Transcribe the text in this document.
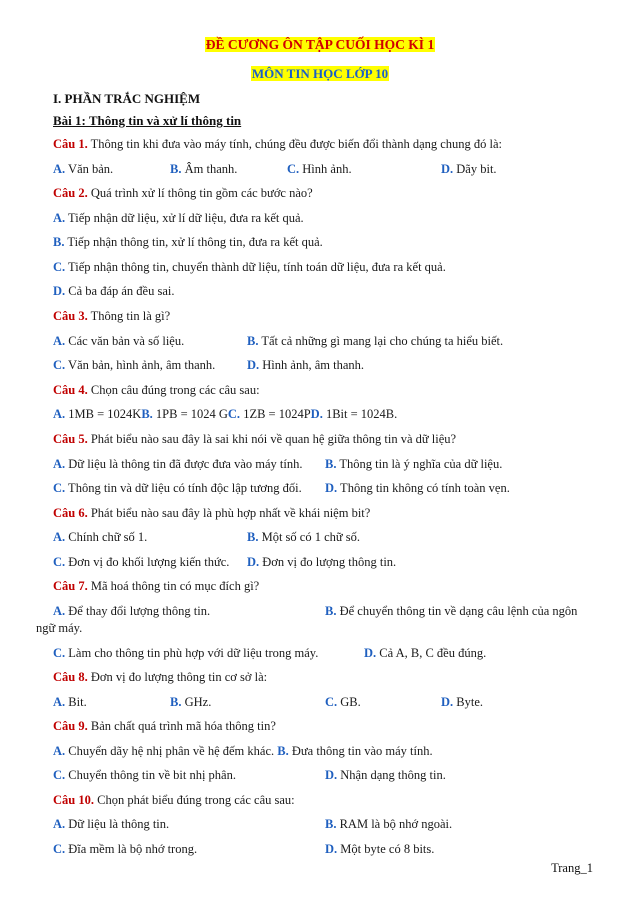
ĐỀ CƯƠNG ÔN TẬP CUỐI HỌC KÌ 1
MÔN TIN HỌC LỚP 10
I. PHẦN TRẮC NGHIỆM
Bài 1: Thông tin và xử lí thông tin
Câu 1. Thông tin khi đưa vào máy tính, chúng đều được biến đổi thành dạng chung đó là:
A. Văn bản.	B. Âm thanh.	C. Hình ảnh.	D. Dãy bit.
Câu 2. Quá trình xử lí thông tin gồm các bước nào?
A. Tiếp nhận dữ liệu, xử lí dữ liệu, đưa ra kết quả.
B. Tiếp nhận thông tin, xử lí thông tin, đưa ra kết quả.
C. Tiếp nhận thông tin, chuyển thành dữ liệu, tính toán dữ liệu, đưa ra kết quả.
D. Cả ba đáp án đều sai.
Câu 3. Thông tin là gì?
A. Các văn bản và số liệu.	B. Tất cả những gì mang lại cho chúng ta hiểu biết.
C. Văn bản, hình ảnh, âm thanh.	D. Hình ảnh, âm thanh.
Câu 4. Chọn câu đúng trong các câu sau:
A. 1MB = 1024KB. 1PB = 1024 GC. 1ZB = 1024PD. 1Bit = 1024B.
Câu 5. Phát biểu nào sau đây là sai khi nói về quan hệ giữa thông tin và dữ liệu?
A. Dữ liệu là thông tin đã được đưa vào máy tính. B. Thông tin là ý nghĩa của dữ liệu.
C. Thông tin và dữ liệu có tính độc lập tương đối. D. Thông tin không có tính toàn vẹn.
Câu 6. Phát biểu nào sau đây là phù hợp nhất về khái niệm bit?
A. Chính chữ số 1.	B. Một số có 1 chữ số.
C. Đơn vị đo khối lượng kiến thức. D. Đơn vị đo lượng thông tin.
Câu 7. Mã hoá thông tin có mục đích gì?
A. Để thay đổi lượng thông tin.	B. Để chuyển thông tin về dạng câu lệnh của ngôn
ngữ máy.
C. Làm cho thông tin phù hợp với dữ liệu trong máy.	D. Cả A, B, C đều đúng.
Câu 8. Đơn vị đo lượng thông tin cơ sở là:
A. Bit.	B. GHz.	C. GB.	D. Byte.
Câu 9. Bản chất quá trình mã hóa thông tin?
A. Chuyển dãy hệ nhị phân về hệ đếm khác. B. Đưa thông tin vào máy tính.
C. Chuyển thông tin về bit nhị phân.	D. Nhận dạng thông tin.
Câu 10. Chọn phát biểu đúng trong các câu sau:
A. Dữ liệu là thông tin.	B. RAM là bộ nhớ ngoài.
C. Đĩa mềm là bộ nhớ trong.	D. Một byte có 8 bits.
Trang_1
